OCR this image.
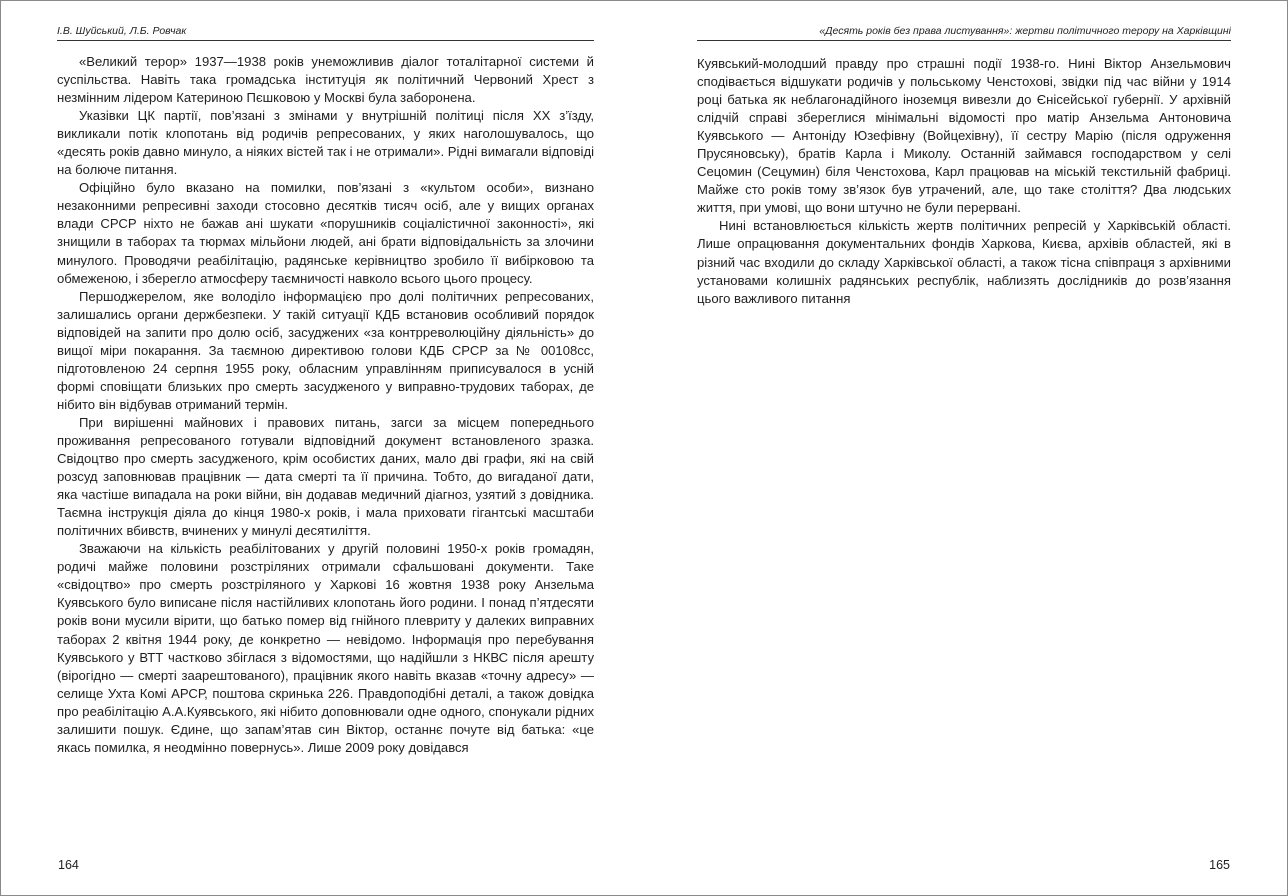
І.В. Шуйський, Л.Б. Ровчак

«Великий терор» 1937—1938 років унеможливив діалог тоталітарної системи й суспільства. Навіть така громадська інституція як політичний Червоний Хрест з незмінним лідером Катериною Пєшковою у Москві була заборонена.

Указівки ЦК партії, пов’язані з змінами у внутрішній політиці після ХХ з’їзду, викликали потік клопотань від родичів репресованих, у яких наголошувалось, що «десять років давно минуло, а ніяких вістей так і не отримали». Рідні вимагали відповіді на болюче питання.

Офіційно було вказано на помилки, пов’язані з «культом особи», визнано незаконними репресивні заходи стосовно десятків тисяч осіб, але у вищих органах влади СРСР ніхто не бажав ані шукати «порушників соціалістичної законності», які знищили в таборах та тюрмах мільйони людей, ані брати відповідальність за злочини минулого. Проводячи реабілітацію, радянське керівництво зробило її вибірковою та обмеженою, і зберегло атмосферу таємничості навколо всього цього процесу.

Першоджерелом, яке володіло інформацією про долі політичних репресованих, залишались органи держбезпеки. У такій ситуації КДБ встановив особливий порядок відповідей на запити про долю осіб, засуджених «за контрреволюційну діяльність» до вищої міри покарання. За таємною директивою голови КДБ СРСР за № 00108сс, підготовленою 24 серпня 1955 року, обласним управлінням приписувалося в усній формі сповіщати близьких про смерть засудженого у виправно-трудових таборах, де нібито він відбував отриманий термін.

При вирішенні майнових і правових питань, загси за місцем попереднього проживання репресованого готували відповідний документ встановленого зразка. Свідоцтво про смерть засудженого, крім особистих даних, мало дві графи, які на свій розсуд заповнював працівник — дата смерті та її причина. Тобто, до вигаданої дати, яка частіше випадала на роки війни, він додавав медичний діагноз, узятий з довідника. Таємна інструкція діяла до кінця 1980-х років, і мала приховати гігантські масштаби політичних вбивств, вчинених у минулі десятиліття.

Зважаючи на кількість реабілітованих у другій половині 1950-х років громадян, родичі майже половини розстріляних отримали сфальшовані документи. Таке «свідоцтво» про смерть розстріляного у Харкові 16 жовтня 1938 року Анзельма Куявського було виписане після настійливих клопотань його родини. І понад п’ятдесяти років вони мусили вірити, що батько помер від гнійного плевриту у далеких виправних таборах 2 квітня 1944 року, де конкретно — невідомо. Інформація про перебування Куявського у ВТТ частково збіглася з відомостями, що надійшли з НКВС після арешту (вірогідно — смерті заарештованого), працівник якого навіть вказав «точну адресу» — селище Ухта Комі АРСР, поштова скринька 226. Правдоподібні деталі, а також довідка про реабілітацію А.А.Куявського, які нібито доповнювали одне одного, спонукали рідних залишити пошук. Єдине, що запам’ятав син Віктор, останнє почуте від батька: «це якась помилка, я неодмінно повернусь». Лише 2009 року довідався

164
«Десять років без права листування»: жертви політичного терору на Харківщині

Куявський-молодший правду про страшні події 1938-го. Нині Віктор Анзельмович сподівається відшукати родичів у польському Ченстохові, звідки під час війни у 1914 році батька як неблагонадійного іноземця вивезли до Єнісейської губернії. У архівній слідчій справі збереглися мінімальні відомості про матір Анзельма Антоновича Куявського — Антоніду Юзефівну (Войцехівну), її сестру Марію (після одруження Прусяновську), братів Карла і Миколу. Останній займався господарством у селі Сецомин (Сецумин) біля Ченстохова, Карл працював на міській текстильній фабриці. Майже сто років тому зв’язок був утрачений, але, що таке століття? Два людських життя, при умові, що вони штучно не були перервані.

Нині встановлюється кількість жертв політичних репресій у Харківській області. Лише опрацювання документальних фондів Харкова, Києва, архівів областей, які в різний час входили до складу Харківської області, а також тісна співпраця з архівними установами колишніх радянських республік, наблизять дослідників до розв’язання цього важливого питання

165
